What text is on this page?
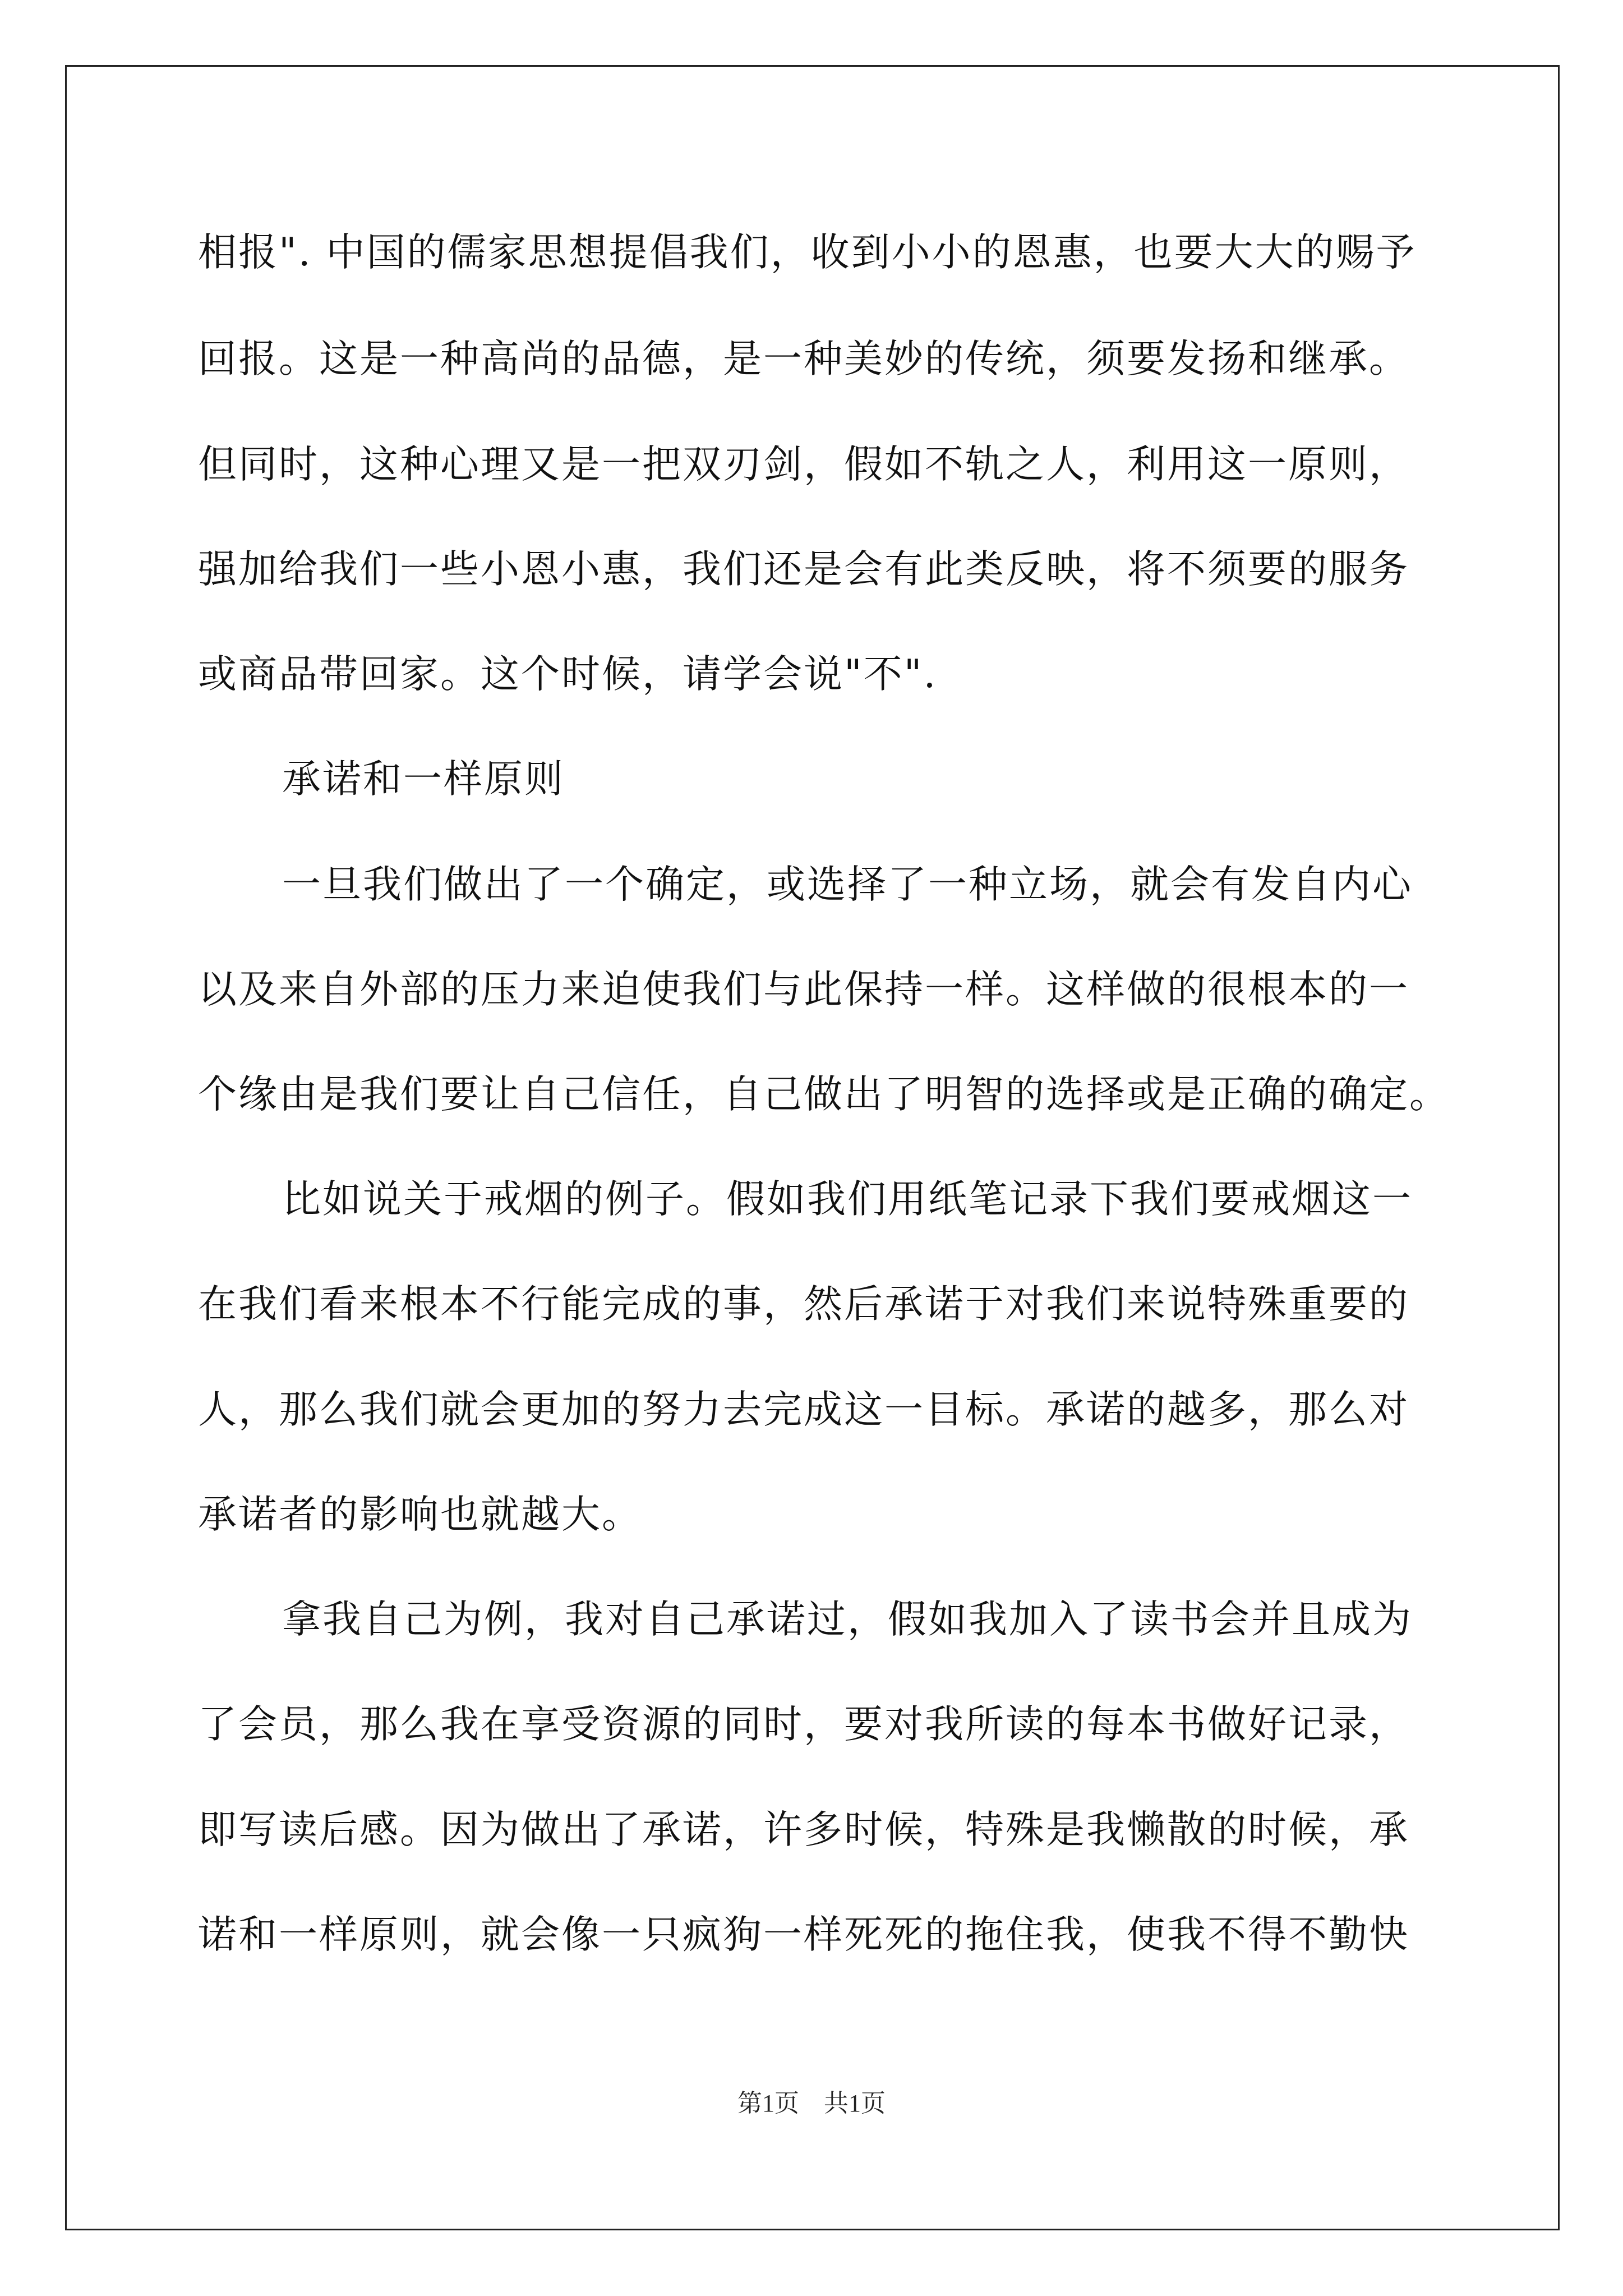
相报". 中国的儒家思想提倡我们，收到小小的恩惠，也要大大的赐予
回报。这是一种高尚的品德，是一种美妙的传统，须要发扬和继承。
但同时，这种心理又是一把双刃剑，假如不轨之人，利用这一原则，
强加给我们一些小恩小惠，我们还是会有此类反映，将不须要的服务
或商品带回家。这个时候，请学会说"不".
承诺和一样原则
一旦我们做出了一个确定，或选择了一种立场，就会有发自内心
以及来自外部的压力来迫使我们与此保持一样。这样做的很根本的一
个缘由是我们要让自己信任，自己做出了明智的选择或是正确的确定。
比如说关于戒烟的例子。假如我们用纸笔记录下我们要戒烟这一
在我们看来根本不行能完成的事，然后承诺于对我们来说特殊重要的
人，那么我们就会更加的努力去完成这一目标。承诺的越多，那么对
承诺者的影响也就越大。
拿我自己为例，我对自己承诺过，假如我加入了读书会并且成为
了会员，那么我在享受资源的同时，要对我所读的每本书做好记录，
即写读后感。因为做出了承诺，许多时候，特殊是我懒散的时候，承
诺和一样原则，就会像一只疯狗一样死死的拖住我，使我不得不勤快
第1页　共1页
